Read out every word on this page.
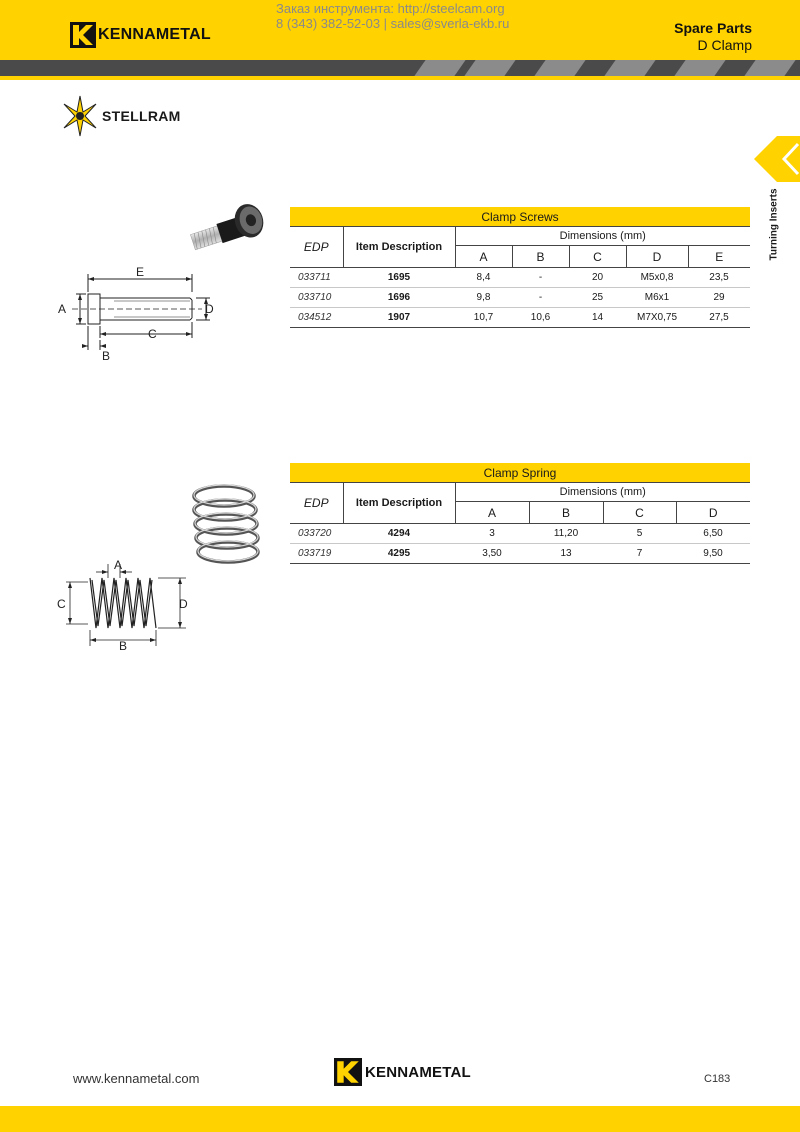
KENNAMETAL
Заказ инструмента: http://steelcam.org
8 (343) 382-52-03 | sales@sverla-ekb.ru	Spare Parts
D Clamp
STELLRAM
Turning Inserts
E
A	D
C
B
Clamp Screws						
EDP	Item Description	Dimensions (mm)				
		A	B	C	D	E
033711	1695	8,4	-	20	M5x0,8	23,5
033710	1696	9,8	-	25	M6x1	29
034512	1907	10,7	10,6	14	M7X0,75	27,5
A
C	D
B
Clamp Spring					
EDP	Item Description	Dimensions (mm)			
		A	B	C	D
033720	4294	3	11,20	5	6,50
033719	4295	3,50	13	7	9,50
www.kennametal.com	KENNAMETAL	C183
